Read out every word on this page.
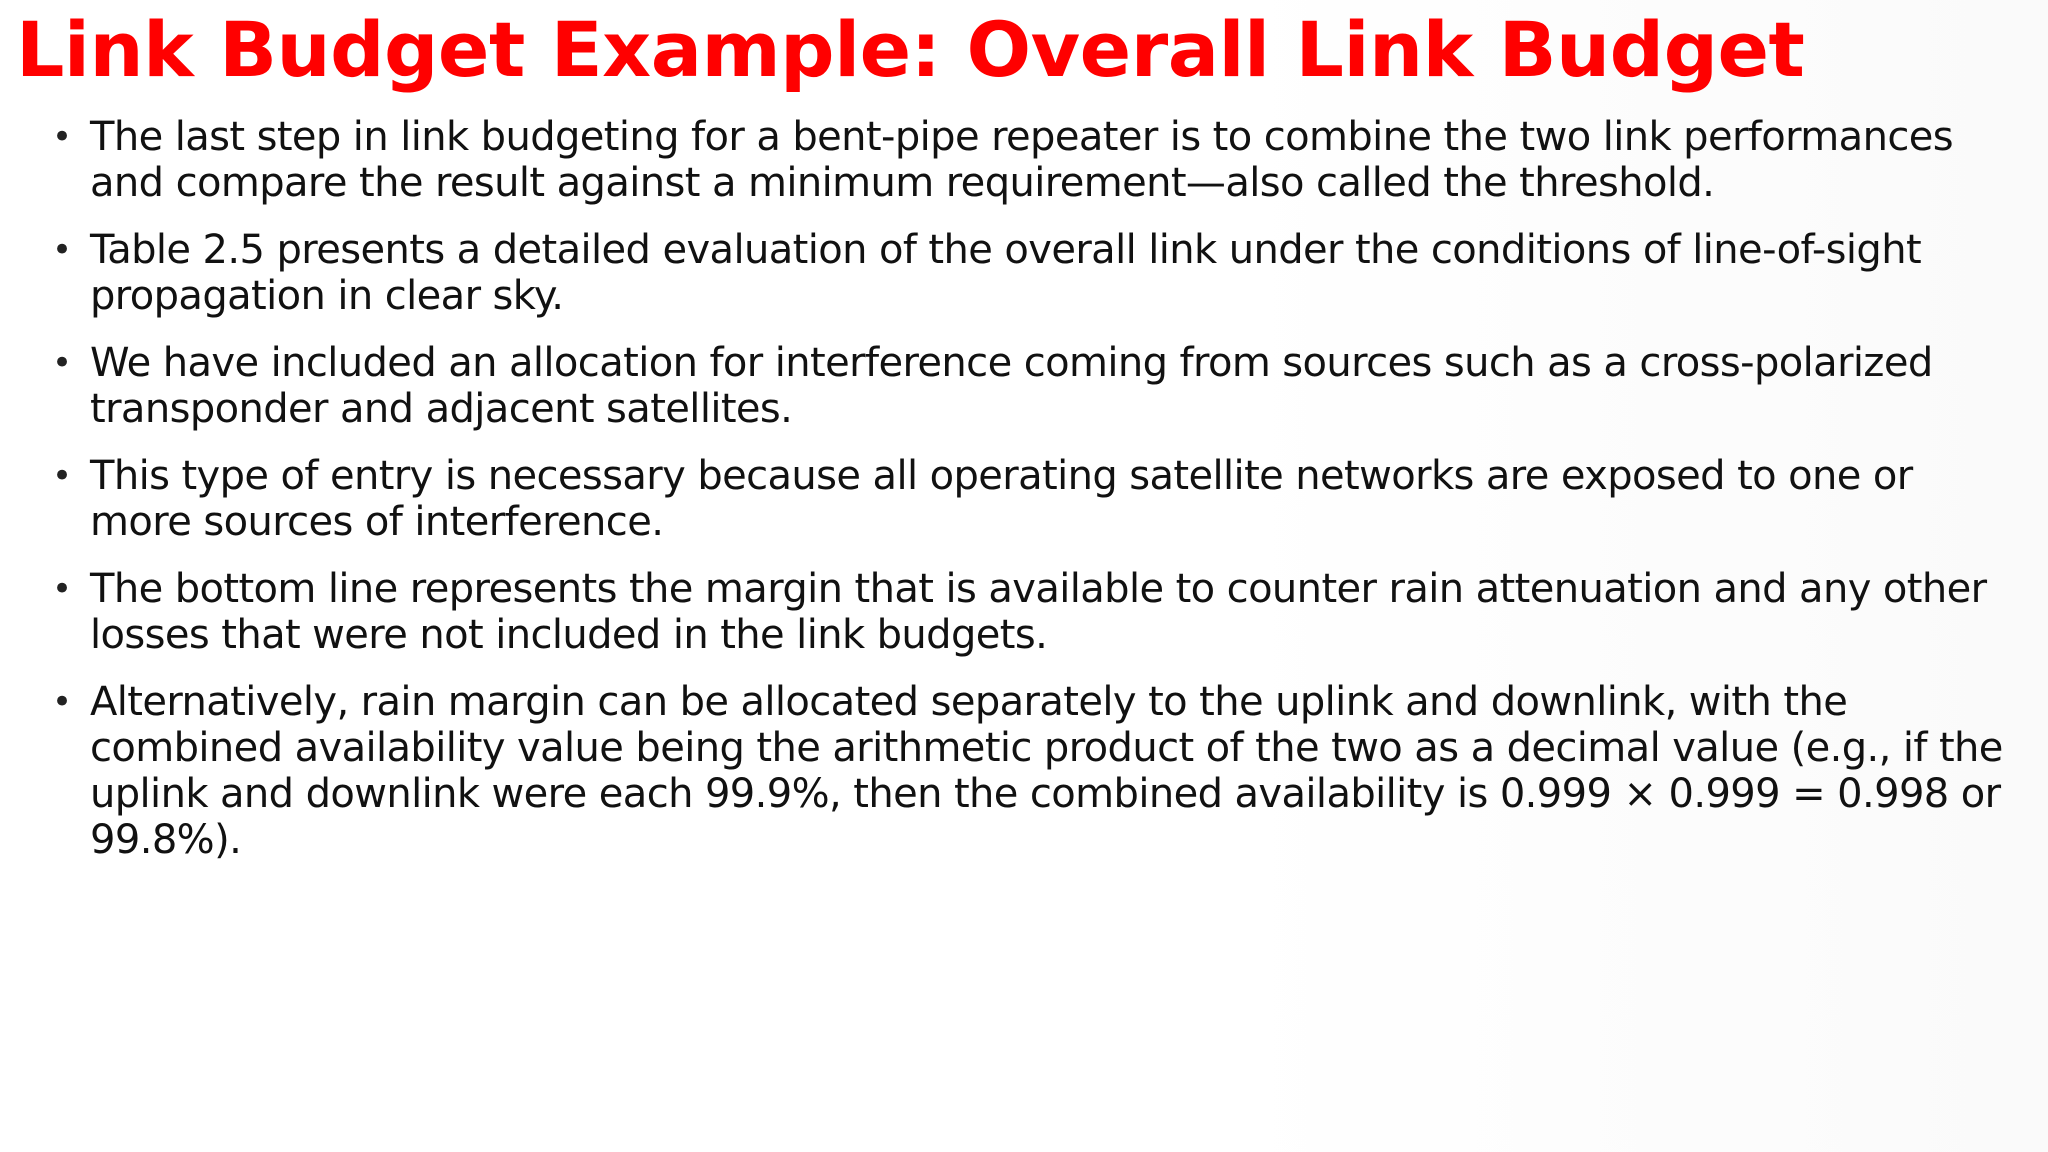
Link Budget Example: Overall Link Budget
• The last step in link budgeting for a bent-pipe repeater is to combine the two link performances and compare the result against a minimum requirement—also called the threshold.
• Table 2.5 presents a detailed evaluation of the overall link under the conditions of line-of-sight propagation in clear sky.
• We have included an allocation for interference coming from sources such as a cross-polarized transponder and adjacent satellites.
• This type of entry is necessary because all operating satellite networks are exposed to one or more sources of interference.
• The bottom line represents the margin that is available to counter rain attenuation and any other losses that were not included in the link budgets.
• Alternatively, rain margin can be allocated separately to the uplink and downlink, with the combined availability value being the arithmetic product of the two as a decimal value (e.g., if the uplink and downlink were each 99.9%, then the combined availability is 0.999 × 0.999 = 0.998 or 99.8%).
